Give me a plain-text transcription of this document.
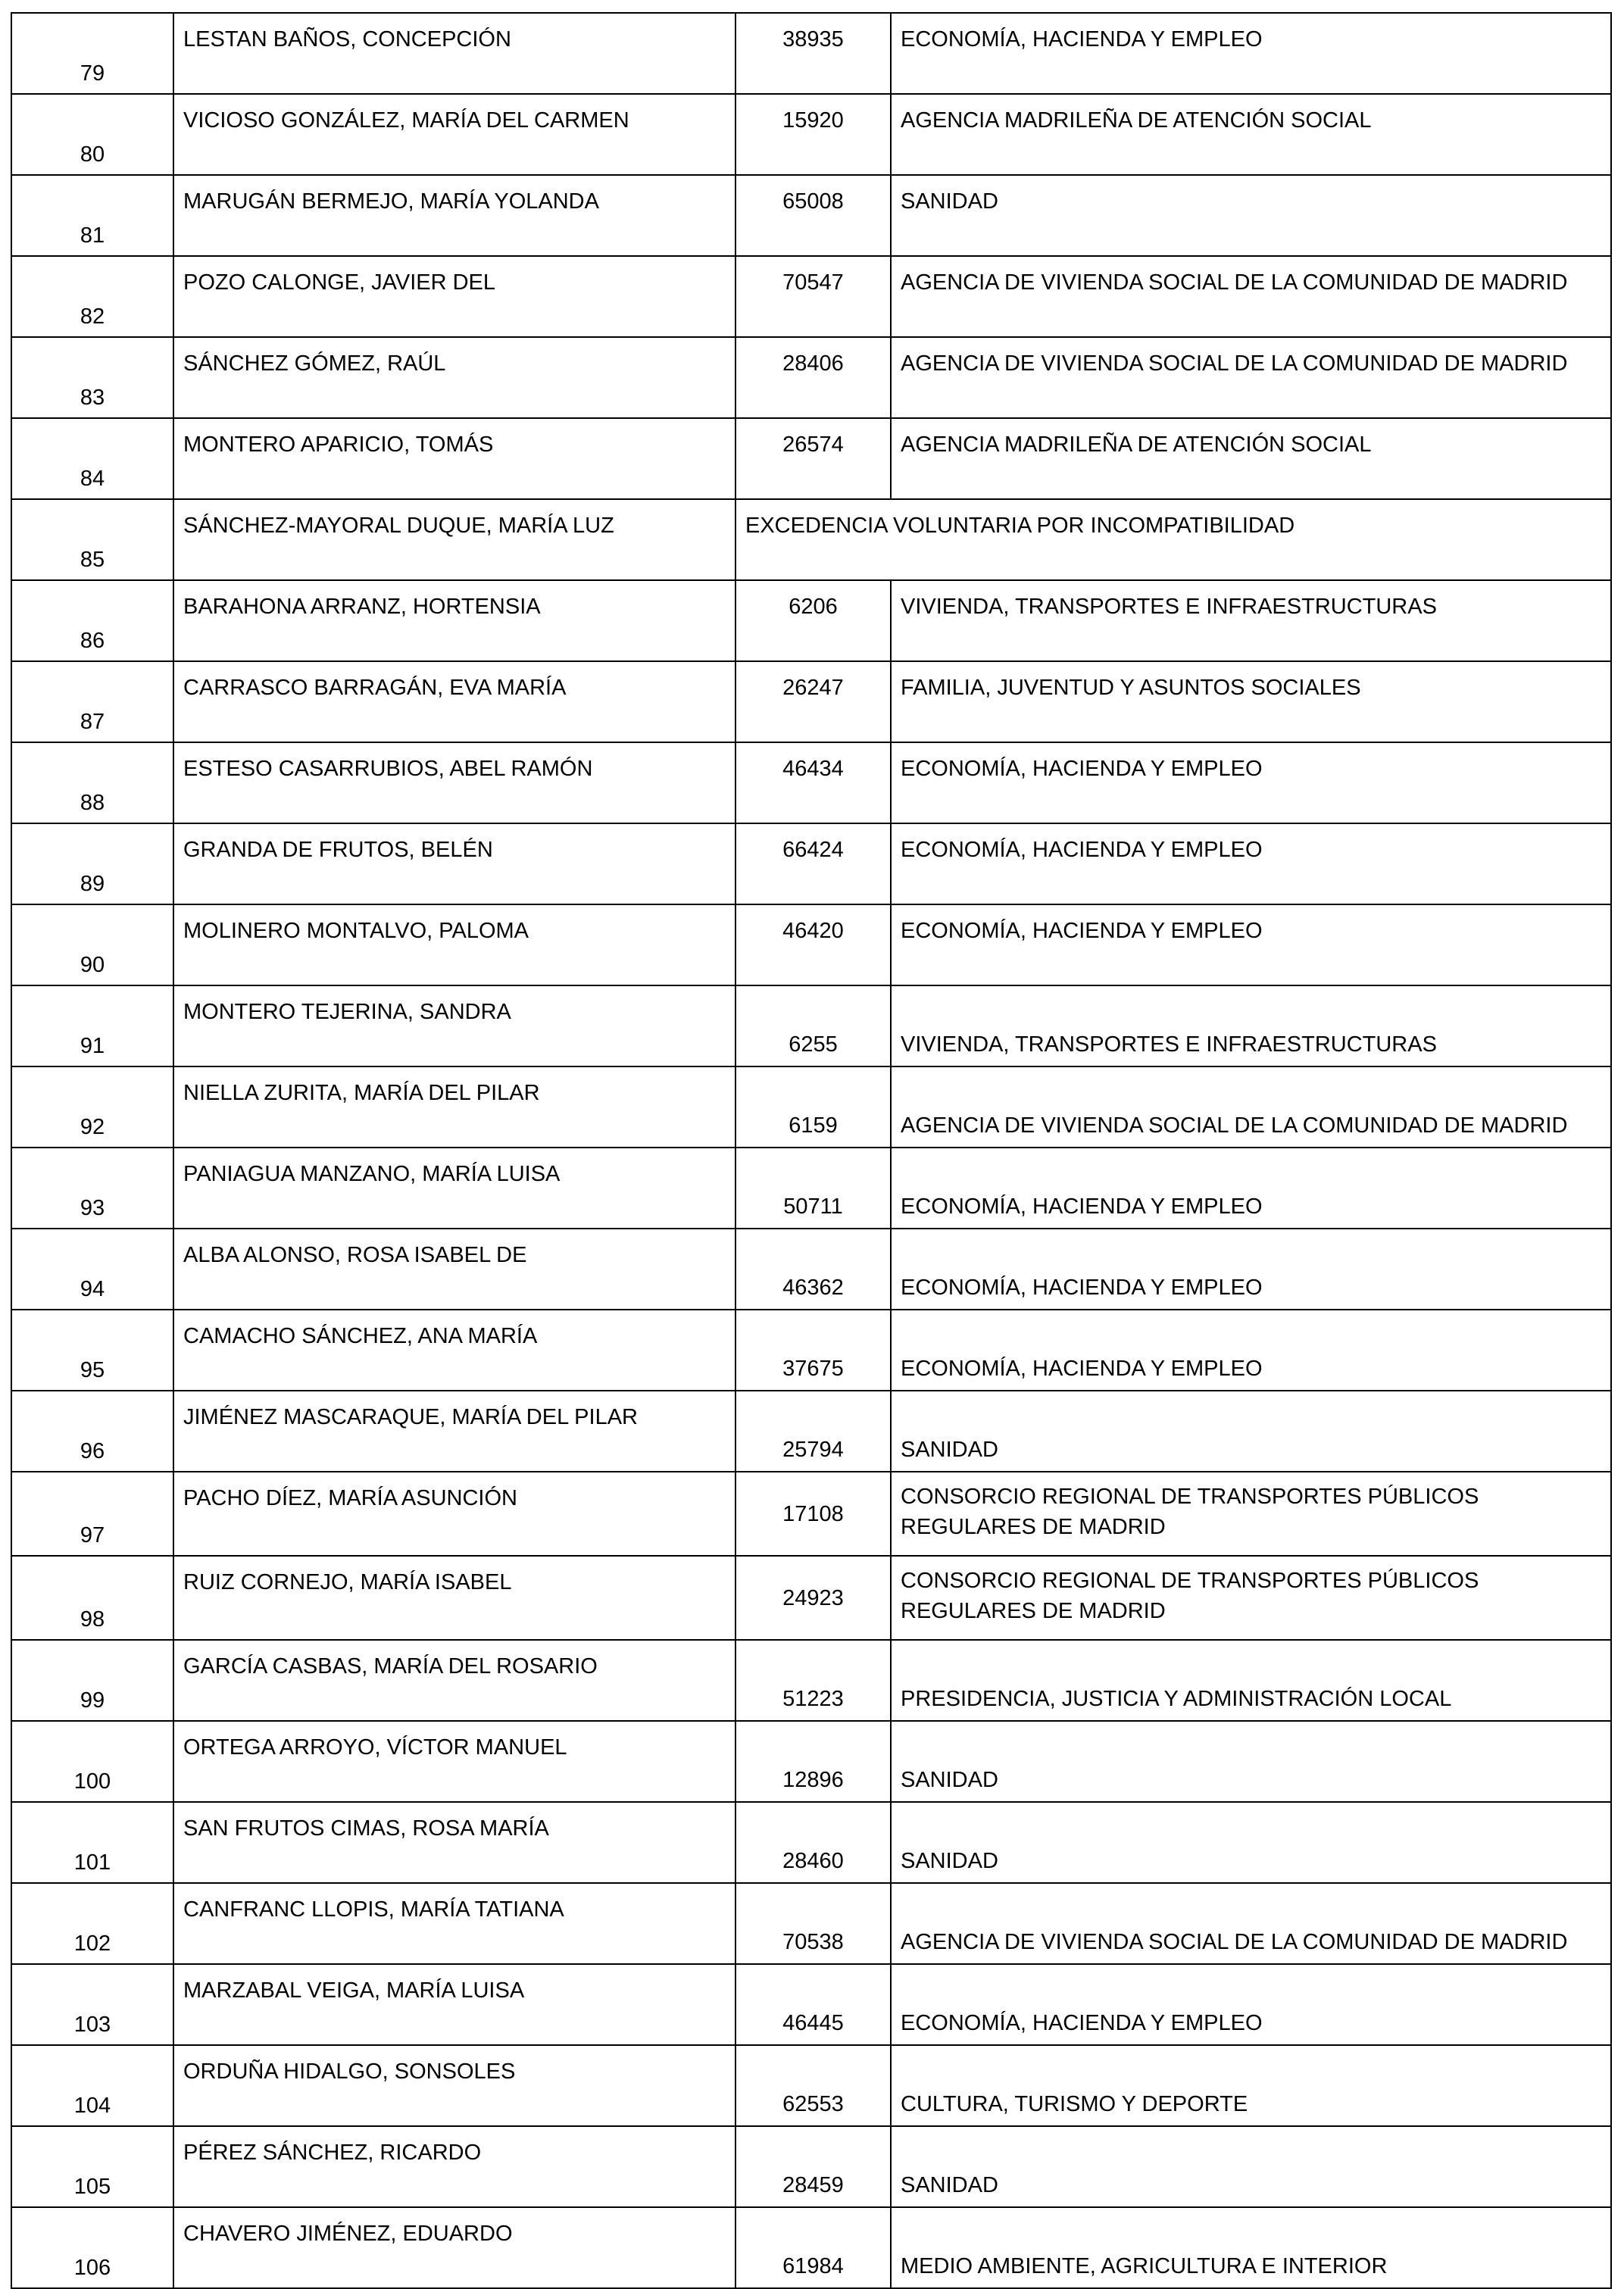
79	LESTAN BAÑOS, CONCEPCIÓN	38935	ECONOMÍA, HACIENDA Y EMPLEO
80	VICIOSO GONZÁLEZ, MARÍA DEL CARMEN	15920	AGENCIA MADRILEÑA DE ATENCIÓN SOCIAL
81	MARUGÁN BERMEJO, MARÍA YOLANDA	65008	SANIDAD
82	POZO CALONGE, JAVIER DEL	70547	AGENCIA DE VIVIENDA SOCIAL DE LA COMUNIDAD DE MADRID
83	SÁNCHEZ GÓMEZ, RAÚL	28406	AGENCIA DE VIVIENDA SOCIAL DE LA COMUNIDAD DE MADRID
84	MONTERO APARICIO, TOMÁS	26574	AGENCIA MADRILEÑA DE ATENCIÓN SOCIAL
85	SÁNCHEZ-MAYORAL DUQUE, MARÍA LUZ	EXCEDENCIA VOLUNTARIA POR INCOMPATIBILIDAD	
86	BARAHONA ARRANZ, HORTENSIA	6206	VIVIENDA, TRANSPORTES E INFRAESTRUCTURAS
87	CARRASCO BARRAGÁN, EVA MARÍA	26247	FAMILIA, JUVENTUD Y ASUNTOS SOCIALES
88	ESTESO CASARRUBIOS, ABEL RAMÓN	46434	ECONOMÍA, HACIENDA Y EMPLEO
89	GRANDA DE FRUTOS, BELÉN	66424	ECONOMÍA, HACIENDA Y EMPLEO
90	MOLINERO MONTALVO, PALOMA	46420	ECONOMÍA, HACIENDA Y EMPLEO
91	MONTERO TEJERINA, SANDRA	6255	VIVIENDA, TRANSPORTES E INFRAESTRUCTURAS
92	NIELLA ZURITA, MARÍA DEL PILAR	6159	AGENCIA DE VIVIENDA SOCIAL DE LA COMUNIDAD DE MADRID
93	PANIAGUA MANZANO, MARÍA LUISA	50711	ECONOMÍA, HACIENDA Y EMPLEO
94	ALBA ALONSO, ROSA ISABEL DE	46362	ECONOMÍA, HACIENDA Y EMPLEO
95	CAMACHO SÁNCHEZ, ANA MARÍA	37675	ECONOMÍA, HACIENDA Y EMPLEO
96	JIMÉNEZ MASCARAQUE, MARÍA DEL PILAR	25794	SANIDAD
97	PACHO DÍEZ, MARÍA ASUNCIÓN	17108	CONSORCIO REGIONAL DE TRANSPORTES PÚBLICOS REGULARES DE MADRID
98	RUIZ CORNEJO, MARÍA ISABEL	24923	CONSORCIO REGIONAL DE TRANSPORTES PÚBLICOS REGULARES DE MADRID
99	GARCÍA CASBAS, MARÍA DEL ROSARIO	51223	PRESIDENCIA, JUSTICIA Y ADMINISTRACIÓN LOCAL
100	ORTEGA ARROYO, VÍCTOR MANUEL	12896	SANIDAD
101	SAN FRUTOS CIMAS, ROSA MARÍA	28460	SANIDAD
102	CANFRANC LLOPIS, MARÍA TATIANA	70538	AGENCIA DE VIVIENDA SOCIAL DE LA COMUNIDAD DE MADRID
103	MARZABAL VEIGA, MARÍA LUISA	46445	ECONOMÍA, HACIENDA Y EMPLEO
104	ORDUÑA HIDALGO, SONSOLES	62553	CULTURA, TURISMO Y DEPORTE
105	PÉREZ SÁNCHEZ, RICARDO	28459	SANIDAD
106	CHAVERO JIMÉNEZ, EDUARDO	61984	MEDIO AMBIENTE, AGRICULTURA E INTERIOR
